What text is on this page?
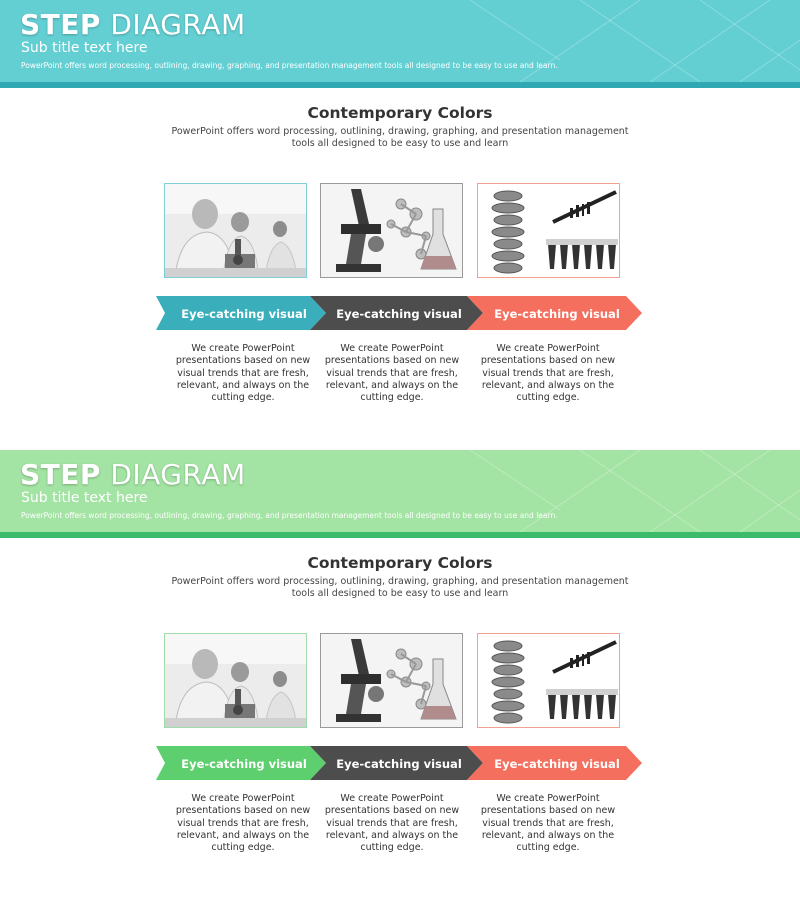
STEP DIAGRAM
Sub title text here
PowerPoint offers word processing, outlining, drawing, graphing, and presentation management tools all designed to be easy to use and learn.
Contemporary Colors
PowerPoint offers word processing, outlining, drawing, graphing, and presentation management tools all designed to be easy to use and learn
Eye-catching visual	Eye-catching visual	Eye-catching visual
We create PowerPoint presentations based on new visual trends that are fresh, relevant, and always on the cutting edge.
We create PowerPoint presentations based on new visual trends that are fresh, relevant, and always on the cutting edge.
We create PowerPoint presentations based on new visual trends that are fresh, relevant, and always on the cutting edge.
STEP DIAGRAM
Sub title text here
PowerPoint offers word processing, outlining, drawing, graphing, and presentation management tools all designed to be easy to use and learn.
Contemporary Colors
PowerPoint offers word processing, outlining, drawing, graphing, and presentation management tools all designed to be easy to use and learn
Eye-catching visual	Eye-catching visual	Eye-catching visual
We create PowerPoint presentations based on new visual trends that are fresh, relevant, and always on the cutting edge.
We create PowerPoint presentations based on new visual trends that are fresh, relevant, and always on the cutting edge.
We create PowerPoint presentations based on new visual trends that are fresh, relevant, and always on the cutting edge.
